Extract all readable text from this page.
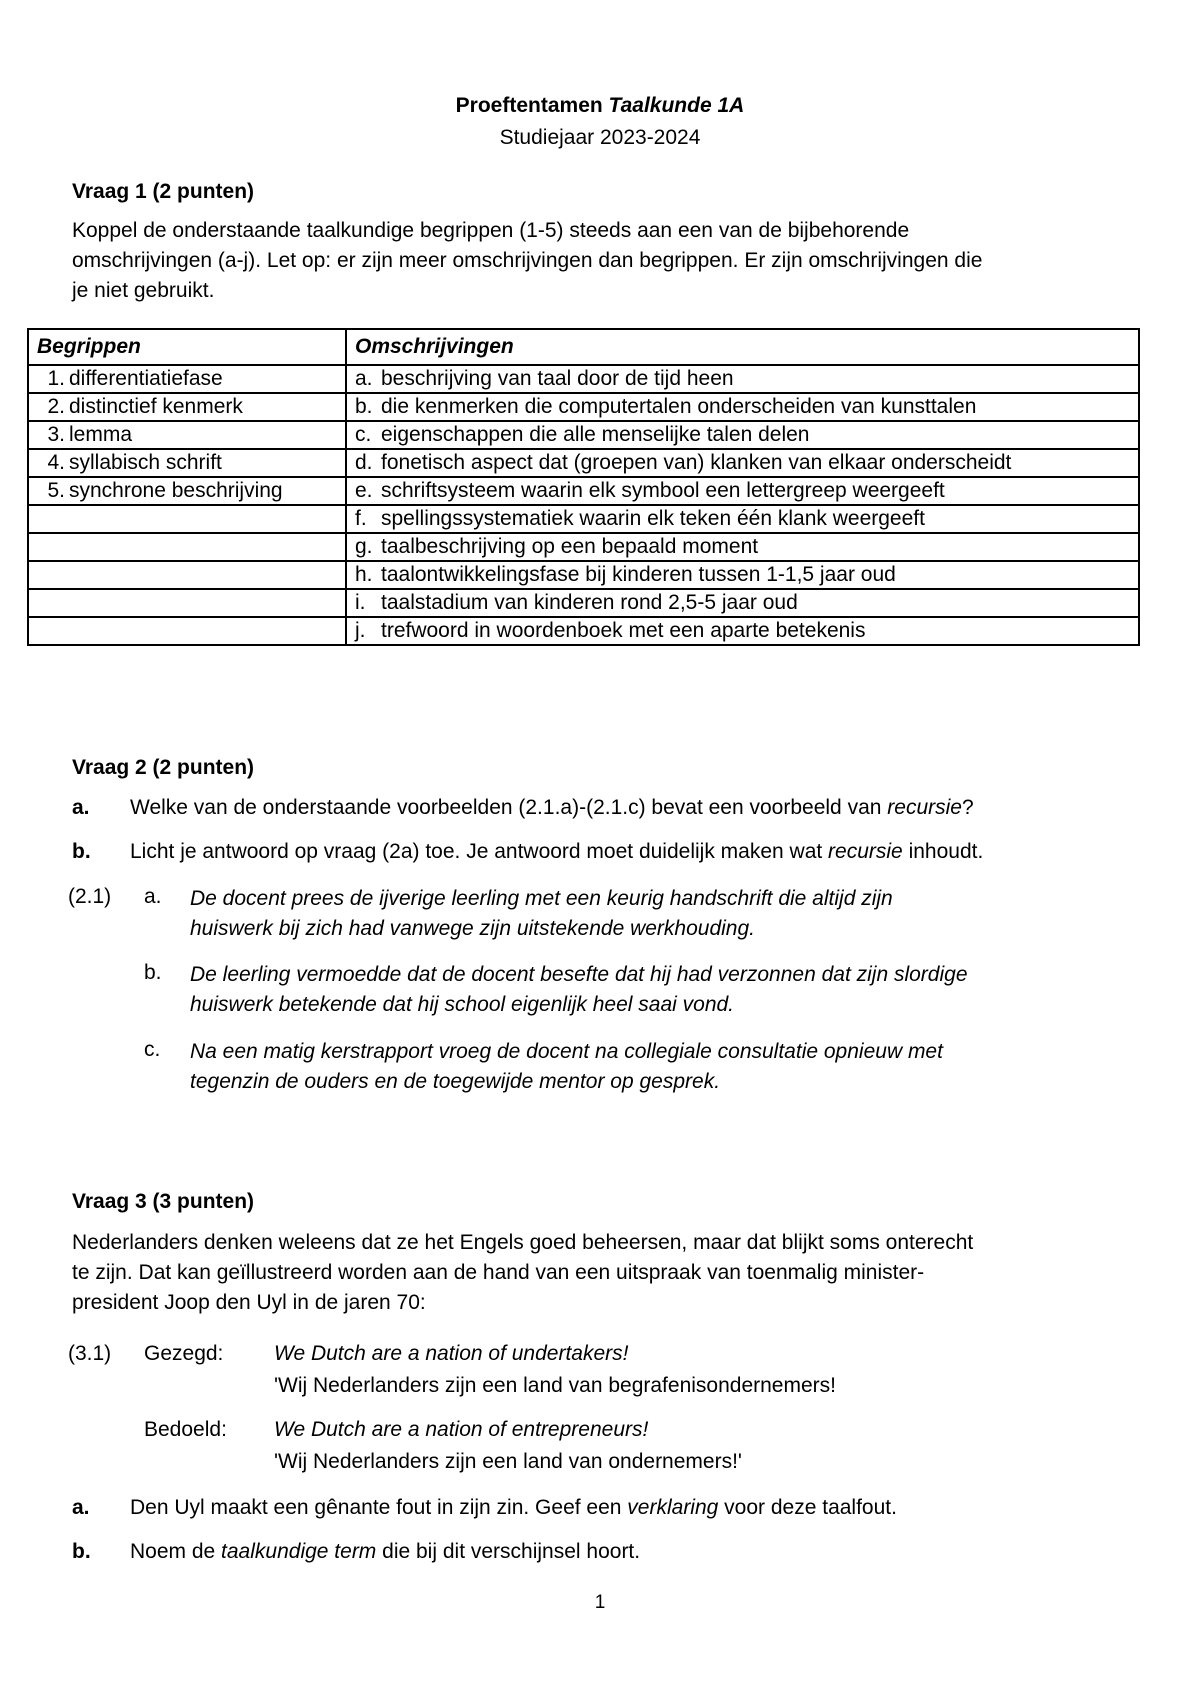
Proeftentamen Taalkunde 1A
Studiejaar 2023-2024
Vraag 1 (2 punten)
Koppel de onderstaande taalkundige begrippen (1-5) steeds aan een van de bijbehorende
omschrijvingen (a-j). Let op: er zijn meer omschrijvingen dan begrippen. Er zijn omschrijvingen die
je niet gebruikt.
Begrippen	Omschrijvingen
1. differentiatiefase	a. beschrijving van taal door de tijd heen
2. distinctief kenmerk	b. die kenmerken die computertalen onderscheiden van kunsttalen
3. lemma	c. eigenschappen die alle menselijke talen delen
4. syllabisch schrift	d. fonetisch aspect dat (groepen van) klanken van elkaar onderscheidt
5. synchrone beschrijving	e. schriftsysteem waarin elk symbool een lettergreep weergeeft
	f. spellingssystematiek waarin elk teken één klank weergeeft
	g. taalbeschrijving op een bepaald moment
	h. taalontwikkelingsfase bij kinderen tussen 1-1,5 jaar oud
	i. taalstadium van kinderen rond 2,5-5 jaar oud
	j. trefwoord in woordenboek met een aparte betekenis
Vraag 2 (2 punten)
a. Welke van de onderstaande voorbeelden (2.1.a)-(2.1.c) bevat een voorbeeld van recursie?
b. Licht je antwoord op vraag (2a) toe. Je antwoord moet duidelijk maken wat recursie inhoudt.
(2.1) a. De docent prees de ijverige leerling met een keurig handschrift die altijd zijn
huiswerk bij zich had vanwege zijn uitstekende werkhouding.
b. De leerling vermoedde dat de docent besefte dat hij had verzonnen dat zijn slordige
huiswerk betekende dat hij school eigenlijk heel saai vond.
c. Na een matig kerstrapport vroeg de docent na collegiale consultatie opnieuw met
tegenzin de ouders en de toegewijde mentor op gesprek.
Vraag 3 (3 punten)
Nederlanders denken weleens dat ze het Engels goed beheersen, maar dat blijkt soms onterecht
te zijn. Dat kan geïllustreerd worden aan de hand van een uitspraak van toenmalig minister-
president Joop den Uyl in de jaren 70:
(3.1) Gezegd: We Dutch are a nation of undertakers!
'Wij Nederlanders zijn een land van begrafenisondernemers!
Bedoeld: We Dutch are a nation of entrepreneurs!
'Wij Nederlanders zijn een land van ondernemers!'
a. Den Uyl maakt een gênante fout in zijn zin. Geef een verklaring voor deze taalfout.
b. Noem de taalkundige term die bij dit verschijnsel hoort.
1
